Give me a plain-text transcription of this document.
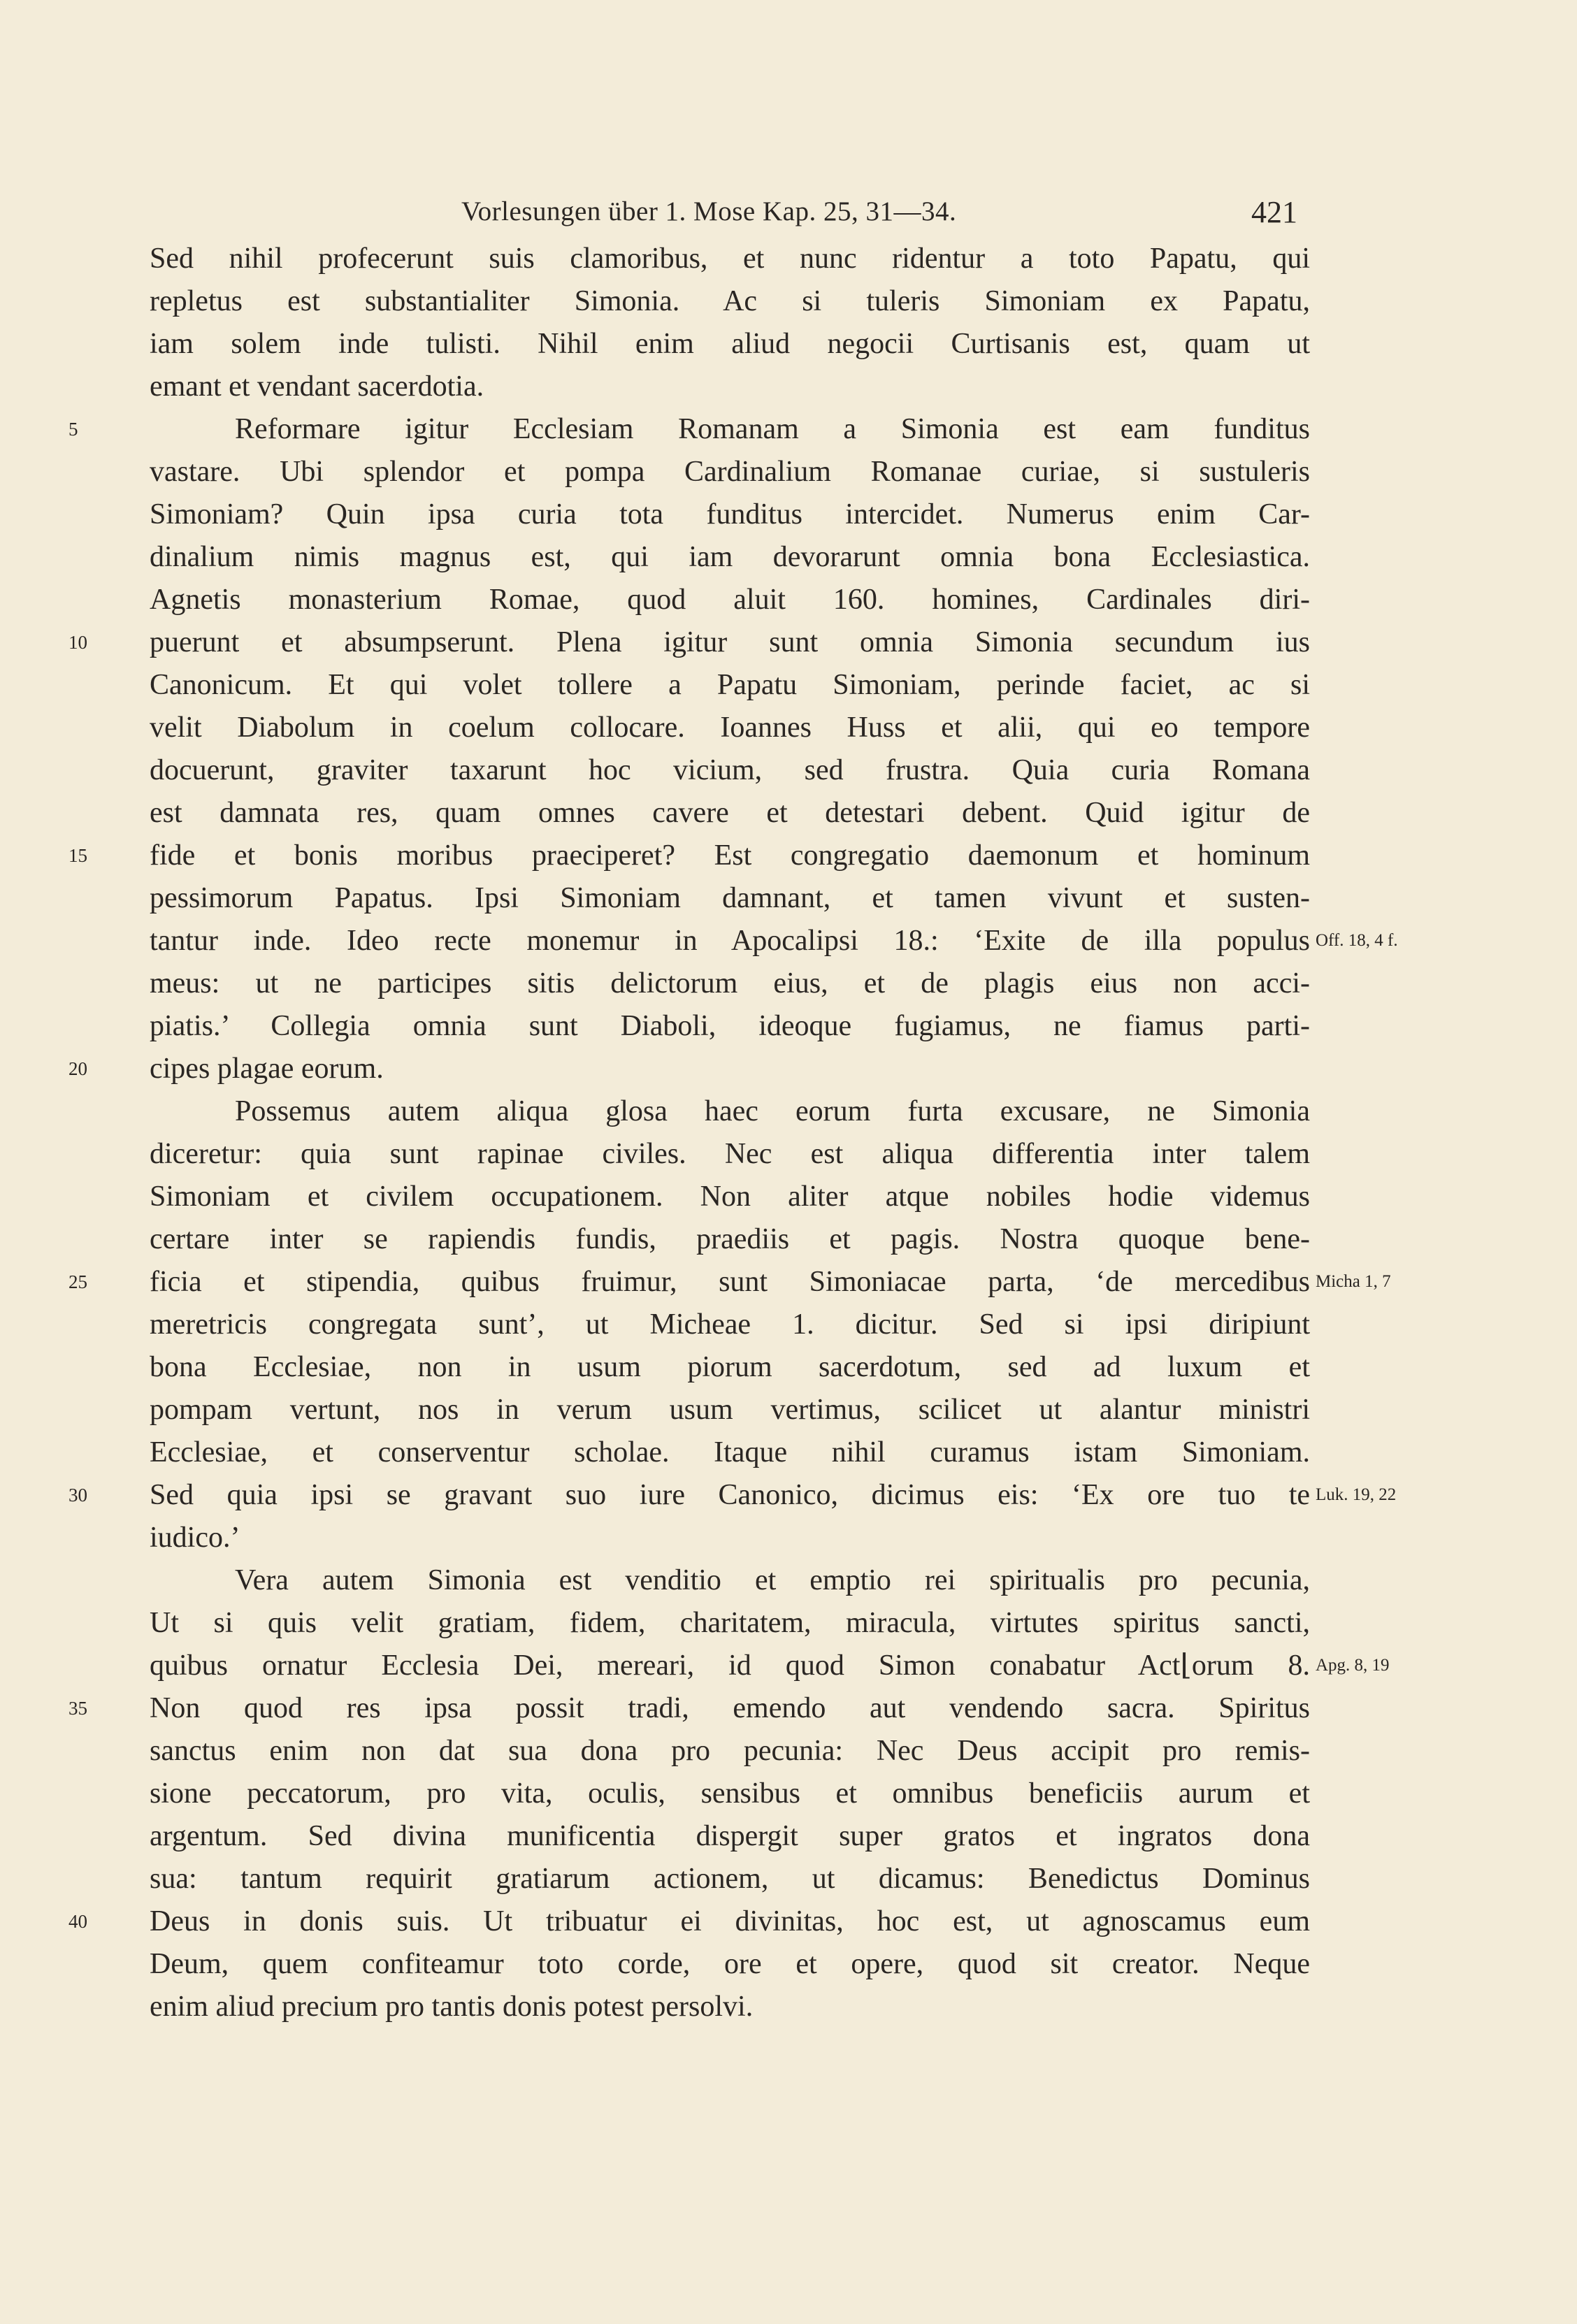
Vorlesungen über 1. Mose Kap. 25, 31—34.	421
Sed nihil profecerunt suis clamoribus, et nunc ridentur a toto Papatu, qui
repletus est substantialiter Simonia. Ac si tuleris Simoniam ex Papatu,
iam solem inde tulisti. Nihil enim aliud negocii Curtisanis est, quam ut
emant et vendant sacerdotia.
Reformare igitur Ecclesiam Romanam a Simonia est eam funditus
vastare. Ubi splendor et pompa Cardinalium Romanae curiae, si sustuleris
Simoniam? Quin ipsa curia tota funditus intercidet. Numerus enim Car-
dinalium nimis magnus est, qui iam devorarunt omnia bona Ecclesiastica.
Agnetis monasterium Romae, quod aluit 160. homines, Cardinales diri-
puerunt et absumpserunt. Plena igitur sunt omnia Simonia secundum ius
Canonicum. Et qui volet tollere a Papatu Simoniam, perinde faciet, ac si
velit Diabolum in coelum collocare. Ioannes Huss et alii, qui eo tempore
docuerunt, graviter taxarunt hoc vicium, sed frustra. Quia curia Romana
est damnata res, quam omnes cavere et detestari debent. Quid igitur de
fide et bonis moribus praeciperet? Est congregatio daemonum et hominum
pessimorum Papatus. Ipsi Simoniam damnant, et tamen vivunt et susten-
tantur inde. Ideo recte monemur in Apocalipsi 18.: ‘Exite de illa populus
meus: ut ne participes sitis delictorum eius, et de plagis eius non acci-
piatis.’ Collegia omnia sunt Diaboli, ideoque fugiamus, ne fiamus parti-
cipes plagae eorum.
Possemus autem aliqua glosa haec eorum furta excusare, ne Simonia
diceretur: quia sunt rapinae civiles. Nec est aliqua differentia inter talem
Simoniam et civilem occupationem. Non aliter atque nobiles hodie videmus
certare inter se rapiendis fundis, praediis et pagis. Nostra quoque bene-
ficia et stipendia, quibus fruimur, sunt Simoniacae parta, ‘de mercedibus
meretricis congregata sunt’, ut Micheae 1. dicitur. Sed si ipsi diripiunt
bona Ecclesiae, non in usum piorum sacerdotum, sed ad luxum et
pompam vertunt, nos in verum usum vertimus, scilicet ut alantur ministri
Ecclesiae, et conserventur scholae. Itaque nihil curamus istam Simoniam.
Sed quia ipsi se gravant suo iure Canonico, dicimus eis: ‘Ex ore tuo te
iudico.’
Vera autem Simonia est venditio et emptio rei spiritualis pro pecunia,
Ut si quis velit gratiam, fidem, charitatem, miracula, virtutes spiritus sancti,
quibus ornatur Ecclesia Dei, mereari, id quod Simon conabatur Act⌊orum 8.
Non quod res ipsa possit tradi, emendo aut vendendo sacra. Spiritus
sanctus enim non dat sua dona pro pecunia: Nec Deus accipit pro remis-
sione peccatorum, pro vita, oculis, sensibus et omnibus beneficiis aurum et
argentum. Sed divina munificentia dispergit super gratos et ingratos dona
sua: tantum requirit gratiarum actionem, ut dicamus: Benedictus Dominus
Deus in donis suis. Ut tribuatur ei divinitas, hoc est, ut agnoscamus eum
Deum, quem confiteamur toto corde, ore et opere, quod sit creator. Neque
enim aliud precium pro tantis donis potest persolvi.
5
10
15
20
25
30
35
40
Off. 18, 4 f.
Micha 1, 7
Luk. 19, 22
Apg. 8, 19
